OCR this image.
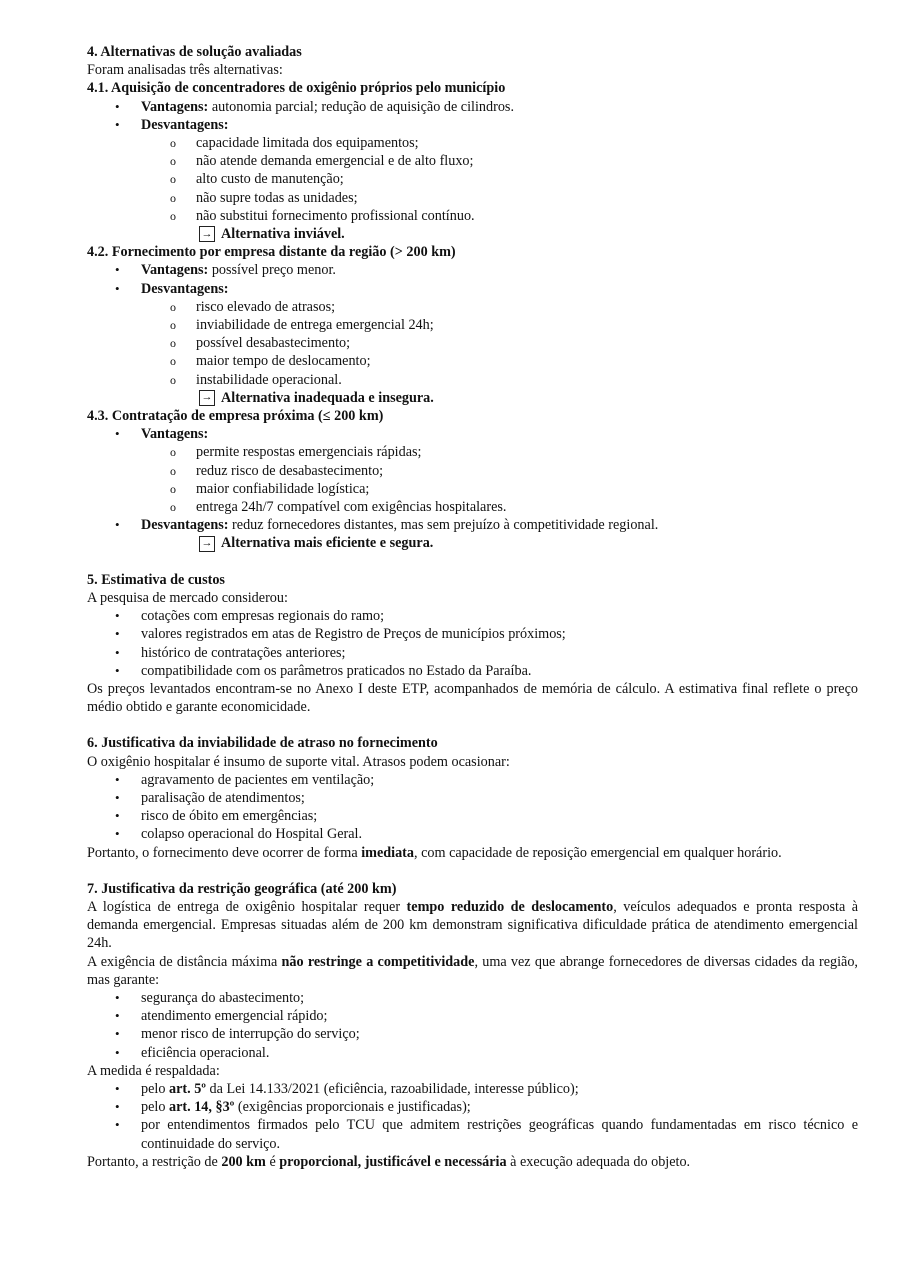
4. Alternativas de solução avaliadas
Foram analisadas três alternativas:
4.1. Aquisição de concentradores de oxigênio próprios pelo município
• Vantagens: autonomia parcial; redução de aquisição de cilindros.
• Desvantagens:
o capacidade limitada dos equipamentos;
o não atende demanda emergencial e de alto fluxo;
o alto custo de manutenção;
o não supre todas as unidades;
o não substitui fornecimento profissional contínuo.
→ Alternativa inviável.
4.2. Fornecimento por empresa distante da região (> 200 km)
• Vantagens: possível preço menor.
• Desvantagens:
o risco elevado de atrasos;
o inviabilidade de entrega emergencial 24h;
o possível desabastecimento;
o maior tempo de deslocamento;
o instabilidade operacional.
→ Alternativa inadequada e insegura.
4.3. Contratação de empresa próxima (≤ 200 km)
• Vantagens:
o permite respostas emergenciais rápidas;
o reduz risco de desabastecimento;
o maior confiabilidade logística;
o entrega 24h/7 compatível com exigências hospitalares.
• Desvantagens: reduz fornecedores distantes, mas sem prejuízo à competitividade regional.
→ Alternativa mais eficiente e segura.
5. Estimativa de custos
A pesquisa de mercado considerou:
• cotações com empresas regionais do ramo;
• valores registrados em atas de Registro de Preços de municípios próximos;
• histórico de contratações anteriores;
• compatibilidade com os parâmetros praticados no Estado da Paraíba.
Os preços levantados encontram-se no Anexo I deste ETP, acompanhados de memória de cálculo. A estimativa final reflete o preço médio obtido e garante economicidade.
6. Justificativa da inviabilidade de atraso no fornecimento
O oxigênio hospitalar é insumo de suporte vital. Atrasos podem ocasionar:
• agravamento de pacientes em ventilação;
• paralisação de atendimentos;
• risco de óbito em emergências;
• colapso operacional do Hospital Geral.
Portanto, o fornecimento deve ocorrer de forma imediata, com capacidade de reposição emergencial em qualquer horário.
7. Justificativa da restrição geográfica (até 200 km)
A logística de entrega de oxigênio hospitalar requer tempo reduzido de deslocamento, veículos adequados e pronta resposta à demanda emergencial. Empresas situadas além de 200 km demonstram significativa dificuldade prática de atendimento emergencial 24h.
A exigência de distância máxima não restringe a competitividade, uma vez que abrange fornecedores de diversas cidades da região, mas garante:
• segurança do abastecimento;
• atendimento emergencial rápido;
• menor risco de interrupção do serviço;
• eficiência operacional.
A medida é respaldada:
• pelo art. 5º da Lei 14.133/2021 (eficiência, razoabilidade, interesse público);
• pelo art. 14, §3º (exigências proporcionais e justificadas);
• por entendimentos firmados pelo TCU que admitem restrições geográficas quando fundamentadas em risco técnico e continuidade do serviço.
Portanto, a restrição de 200 km é proporcional, justificável e necessária à execução adequada do objeto.
